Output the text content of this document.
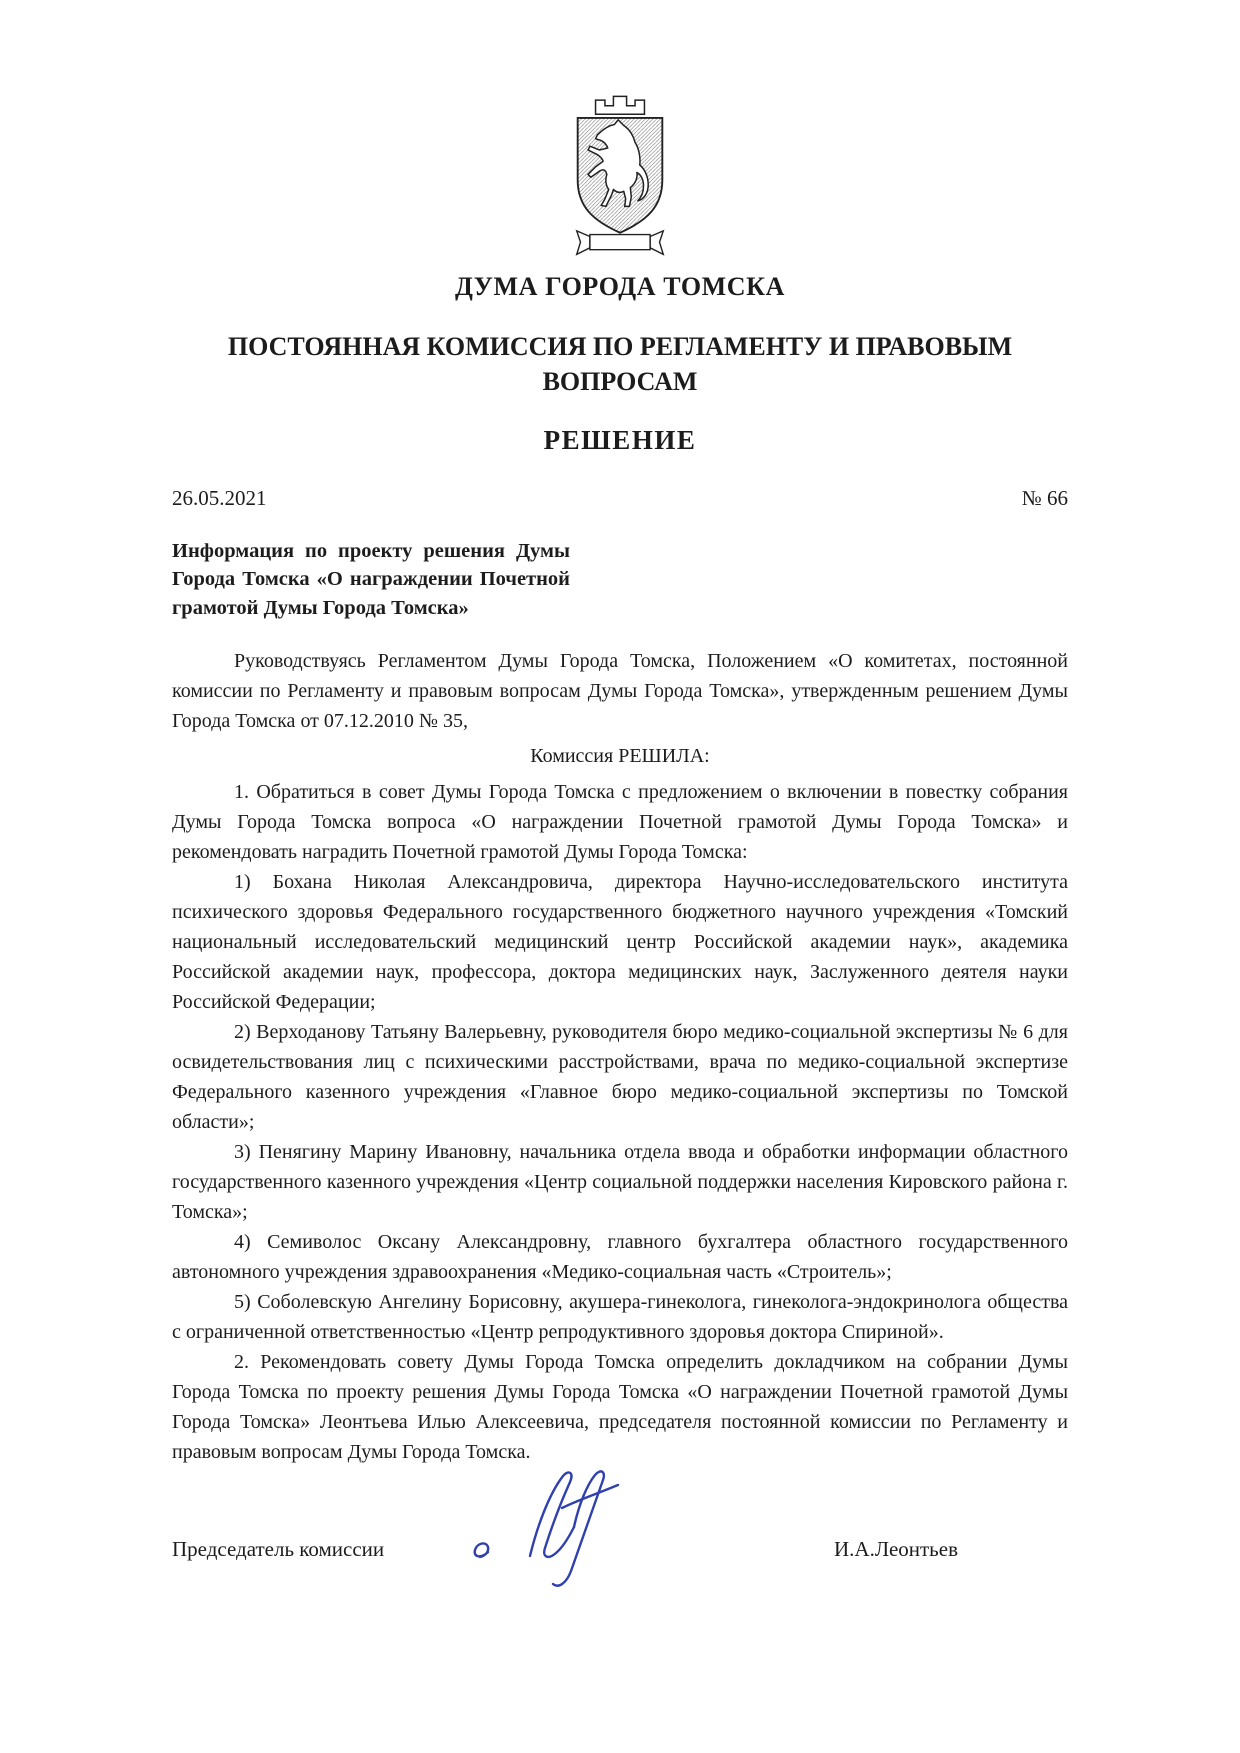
ДУМА ГОРОДА ТОМСКА
ПОСТОЯННАЯ КОМИССИЯ ПО РЕГЛАМЕНТУ И ПРАВОВЫМ ВОПРОСАМ
РЕШЕНИЕ
26.05.2021	№ 66
Информация по проекту решения Думы Города Томска «О награждении Почетной грамотой Думы Города Томска»

Руководствуясь Регламентом Думы Города Томска, Положением «О комитетах, постоянной комиссии по Регламенту и правовым вопросам Думы Города Томска», утвержденным решением Думы Города Томска от 07.12.2010 № 35,

Комиссия РЕШИЛА:

1. Обратиться в совет Думы Города Томска с предложением о включении в повестку собрания Думы Города Томска вопроса «О награждении Почетной грамотой Думы Города Томска» и рекомендовать наградить Почетной грамотой Думы Города Томска:

1) Бохана Николая Александровича, директора Научно-исследовательского института психического здоровья Федерального государственного бюджетного научного учреждения «Томский национальный исследовательский медицинский центр Российской академии наук», академика Российской академии наук, профессора, доктора медицинских наук, Заслуженного деятеля науки Российской Федерации;

2) Верходанову Татьяну Валерьевну, руководителя бюро медико-социальной экспертизы № 6 для освидетельствования лиц с психическими расстройствами, врача по медико-социальной экспертизе Федерального казенного учреждения «Главное бюро медико-социальной экспертизы по Томской области»;

3) Пенягину Марину Ивановну, начальника отдела ввода и обработки информации областного государственного казенного учреждения «Центр социальной поддержки населения Кировского района г. Томска»;

4) Семиволос Оксану Александровну, главного бухгалтера областного государственного автономного учреждения здравоохранения «Медико-социальная часть «Строитель»;

5) Соболевскую Ангелину Борисовну, акушера-гинеколога, гинеколога-эндокринолога общества с ограниченной ответственностью «Центр репродуктивного здоровья доктора Спириной».

2. Рекомендовать совету Думы Города Томска определить докладчиком на собрании Думы Города Томска по проекту решения Думы Города Томска «О награждении Почетной грамотой Думы Города Томска» Леонтьева Илью Алексеевича, председателя постоянной комиссии по Регламенту и правовым вопросам Думы Города Томска.

Председатель комиссии	И.А.Леонтьев
